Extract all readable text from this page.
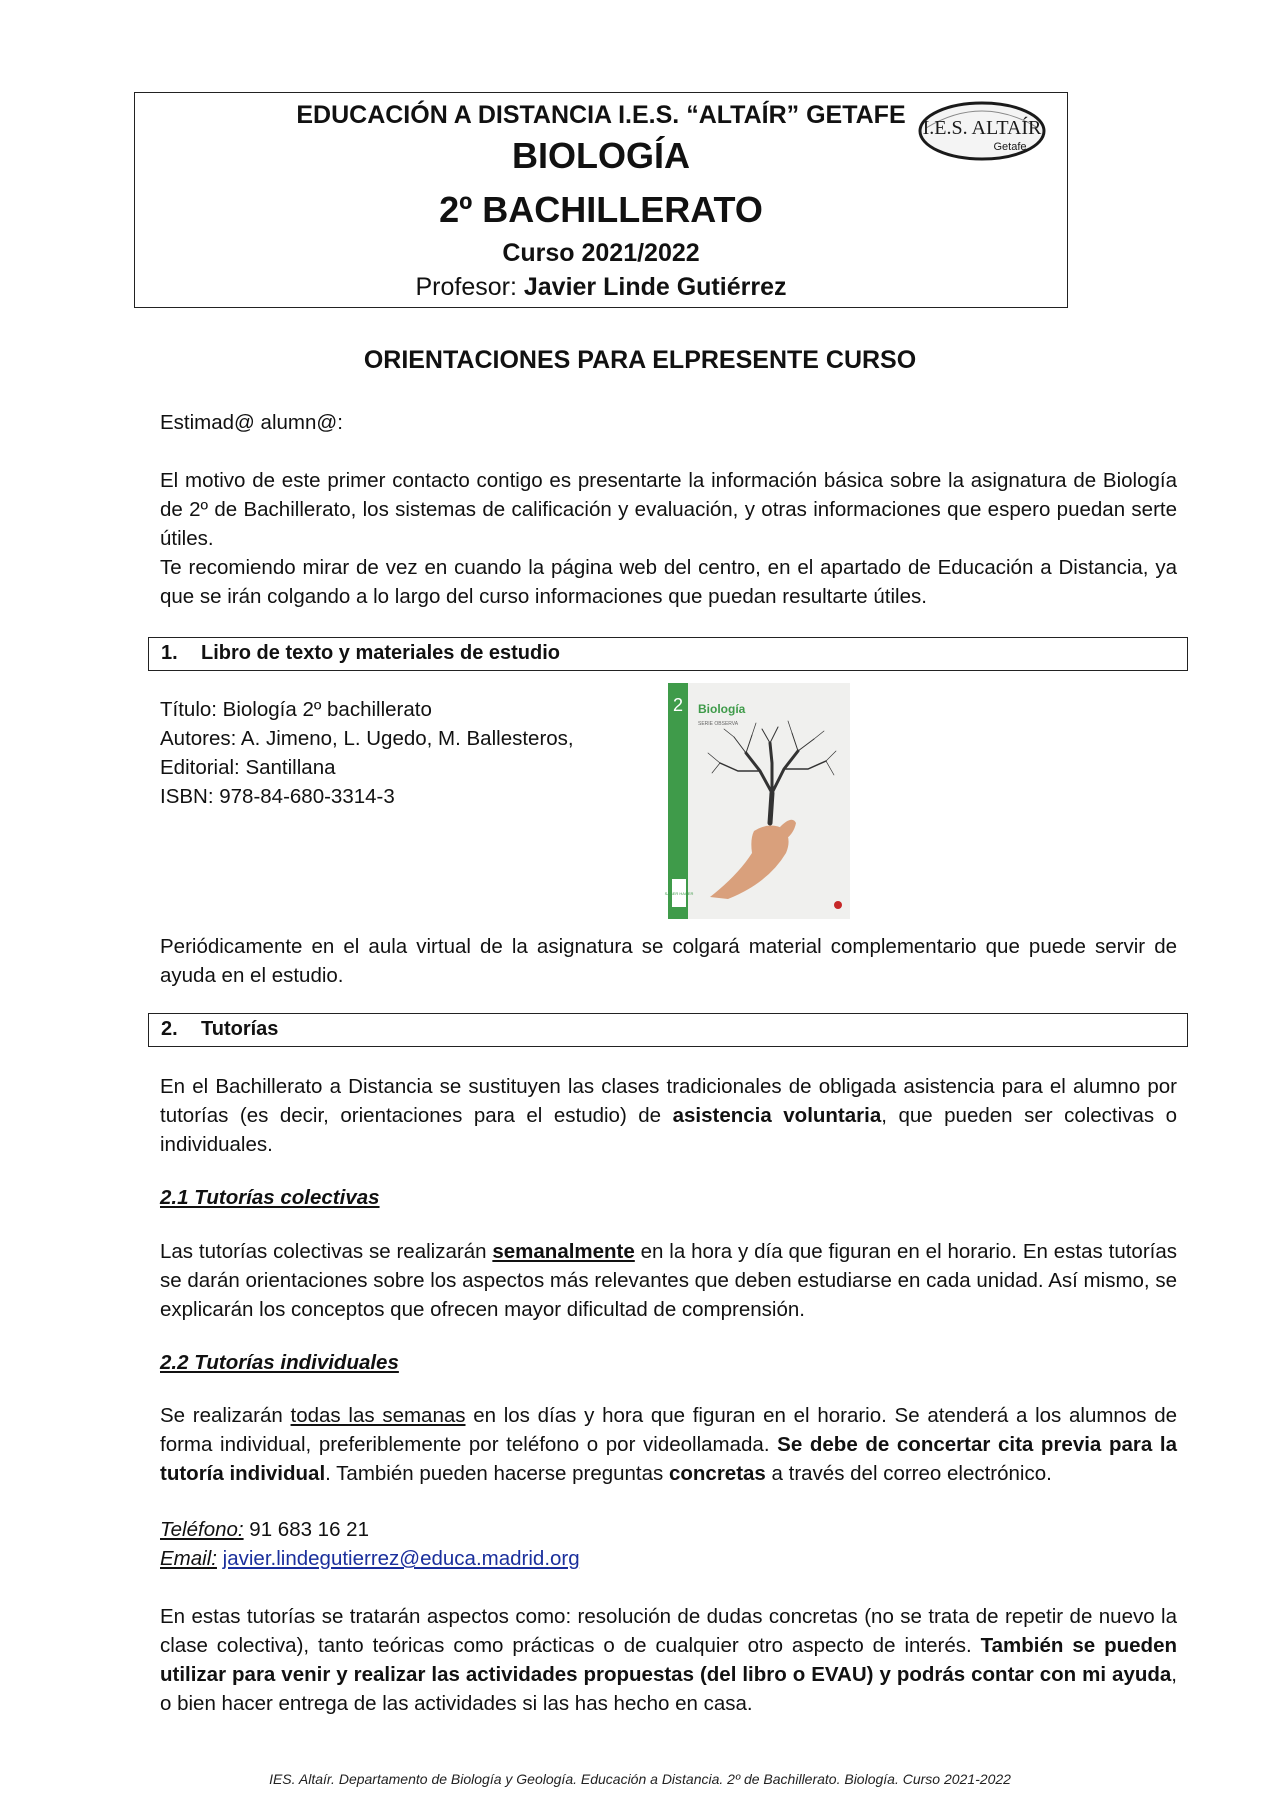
EDUCACIÓN A DISTANCIA I.E.S. “ALTAÍR” GETAFE
BIOLOGÍA
2º BACHILLERATO
Curso 2021/2022
Profesor: Javier Linde Gutiérrez
I.E.S. ALTAÍR
Getafe
ORIENTACIONES PARA ELPRESENTE CURSO
Estimad@ alumn@:
El motivo de este primer contacto contigo es presentarte la información básica sobre la asignatura de Biología de 2º de Bachillerato, los sistemas de calificación y evaluación, y otras informaciones que espero puedan serte útiles.
Te recomiendo mirar de vez en cuando la página web del centro, en el apartado de Educación a Distancia, ya que se irán colgando a lo largo del curso informaciones que puedan resultarte útiles.
1. Libro de texto y materiales de estudio
Título: Biología 2º bachillerato
Autores: A. Jimeno, L. Ugedo, M. Ballesteros,
Editorial: Santillana
ISBN: 978-84-680-3314-3
2 Biología
SERIE OBSERVA
SABER HACER
Periódicamente en el aula virtual de la asignatura se colgará material complementario que puede servir de ayuda en el estudio.
2. Tutorías
En el Bachillerato a Distancia se sustituyen las clases tradicionales de obligada asistencia para el alumno por tutorías (es decir, orientaciones para el estudio) de asistencia voluntaria, que pueden ser colectivas o individuales.
2.1 Tutorías colectivas
Las tutorías colectivas se realizarán semanalmente en la hora y día que figuran en el horario. En estas tutorías se darán orientaciones sobre los aspectos más relevantes que deben estudiarse en cada unidad. Así mismo, se explicarán los conceptos que ofrecen mayor dificultad de comprensión.
2.2 Tutorías individuales
Se realizarán todas las semanas en los días y hora que figuran en el horario. Se atenderá a los alumnos de forma individual, preferiblemente por teléfono o por videollamada. Se debe de concertar cita previa para la tutoría individual. También pueden hacerse preguntas concretas a través del correo electrónico.
Teléfono: 91 683 16 21
Email: javier.lindegutierrez@educa.madrid.org
En estas tutorías se tratarán aspectos como: resolución de dudas concretas (no se trata de repetir de nuevo la clase colectiva), tanto teóricas como prácticas o de cualquier otro aspecto de interés. También se pueden utilizar para venir y realizar las actividades propuestas (del libro o EVAU) y podrás contar con mi ayuda, o bien hacer entrega de las actividades si las has hecho en casa.
IES. Altaír. Departamento de Biología y Geología. Educación a Distancia. 2º de Bachillerato. Biología. Curso 2021-2022
